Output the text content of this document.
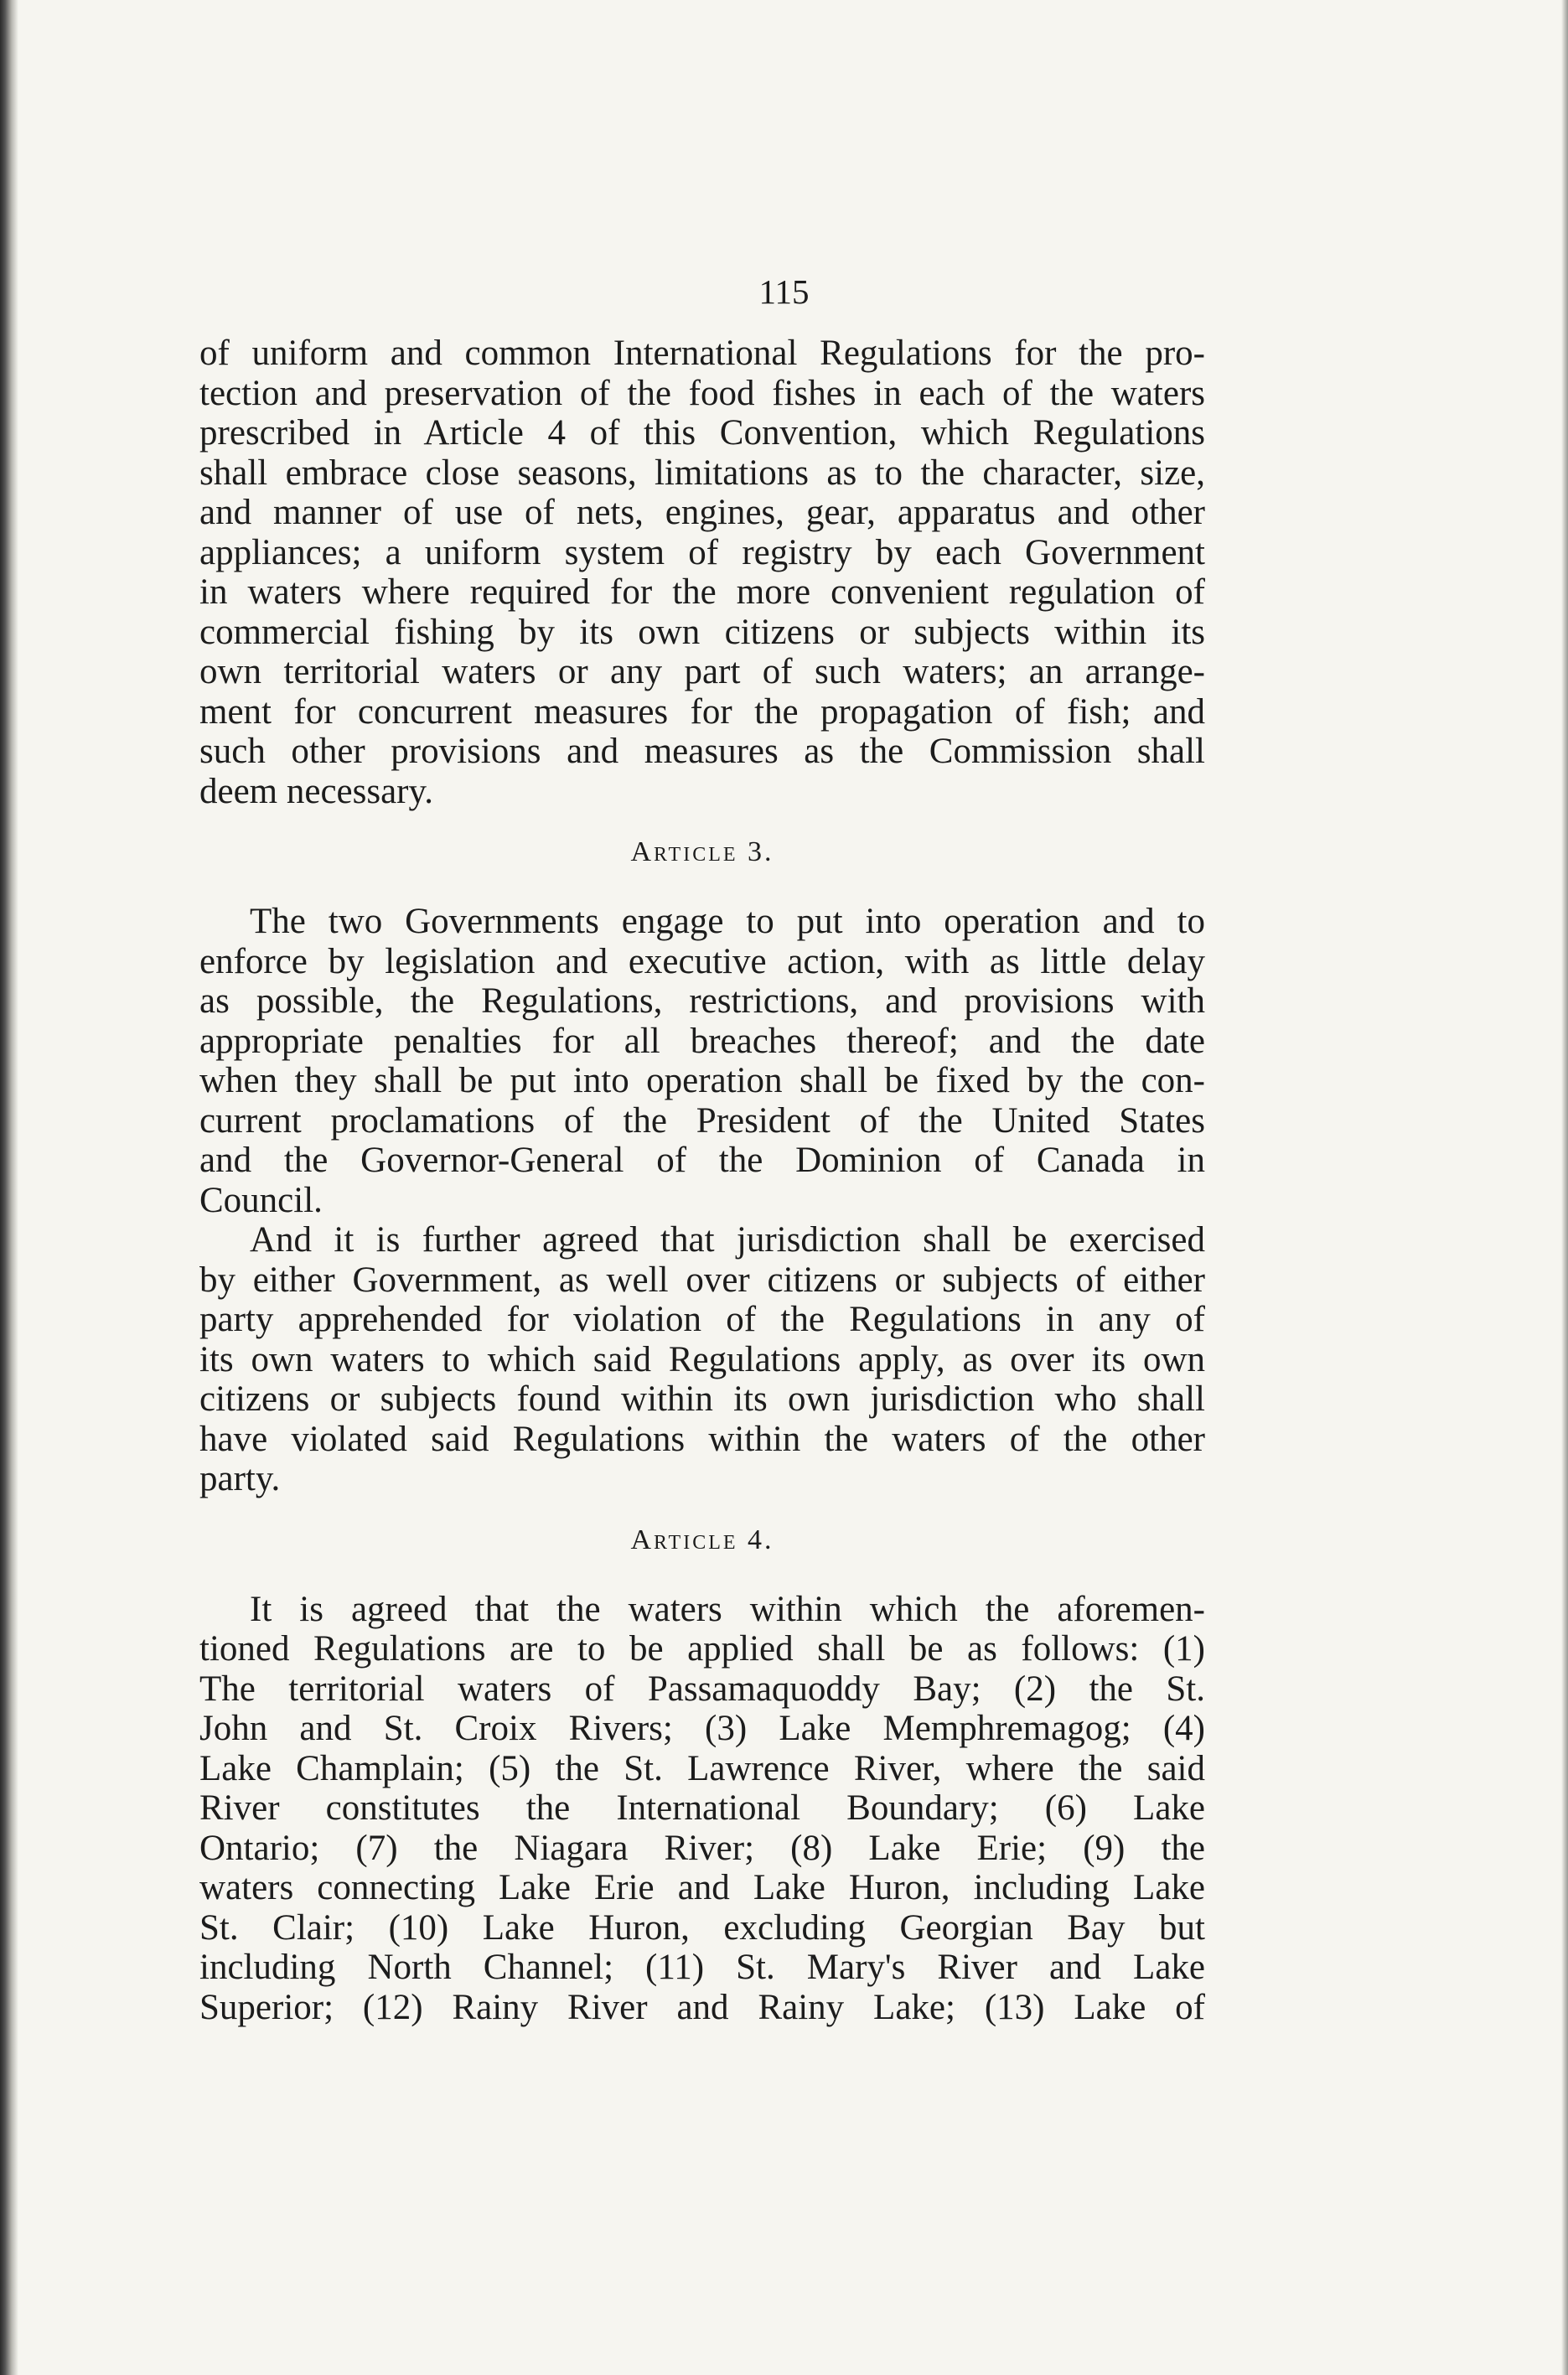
115

of uniform and common International Regulations for the pro-
tection and preservation of the food fishes in each of the waters
prescribed in Article 4 of this Convention, which Regulations
shall embrace close seasons, limitations as to the character, size,
and manner of use of nets, engines, gear, apparatus and other
appliances; a uniform system of registry by each Government
in waters where required for the more convenient regulation of
commercial fishing by its own citizens or subjects within its
own territorial waters or any part of such waters; an arrange-
ment for concurrent measures for the propagation of fish; and
such other provisions and measures as the Commission shall
deem necessary.

Article 3.

The two Governments engage to put into operation and to
enforce by legislation and executive action, with as little delay
as possible, the Regulations, restrictions, and provisions with
appropriate penalties for all breaches thereof; and the date
when they shall be put into operation shall be fixed by the con-
current proclamations of the President of the United States
and the Governor-General of the Dominion of Canada in
Council.

And it is further agreed that jurisdiction shall be exercised
by either Government, as well over citizens or subjects of either
party apprehended for violation of the Regulations in any of
its own waters to which said Regulations apply, as over its own
citizens or subjects found within its own jurisdiction who shall
have violated said Regulations within the waters of the other
party.

Article 4.

It is agreed that the waters within which the aforemen-
tioned Regulations are to be applied shall be as follows: (1)
The territorial waters of Passamaquoddy Bay; (2) the St.
John and St. Croix Rivers; (3) Lake Memphremagog; (4)
Lake Champlain; (5) the St. Lawrence River, where the said
River constitutes the International Boundary; (6) Lake
Ontario; (7) the Niagara River; (8) Lake Erie; (9) the
waters connecting Lake Erie and Lake Huron, including Lake
St. Clair; (10) Lake Huron, excluding Georgian Bay but
including North Channel; (11) St. Mary's River and Lake
Superior; (12) Rainy River and Rainy Lake; (13) Lake of
